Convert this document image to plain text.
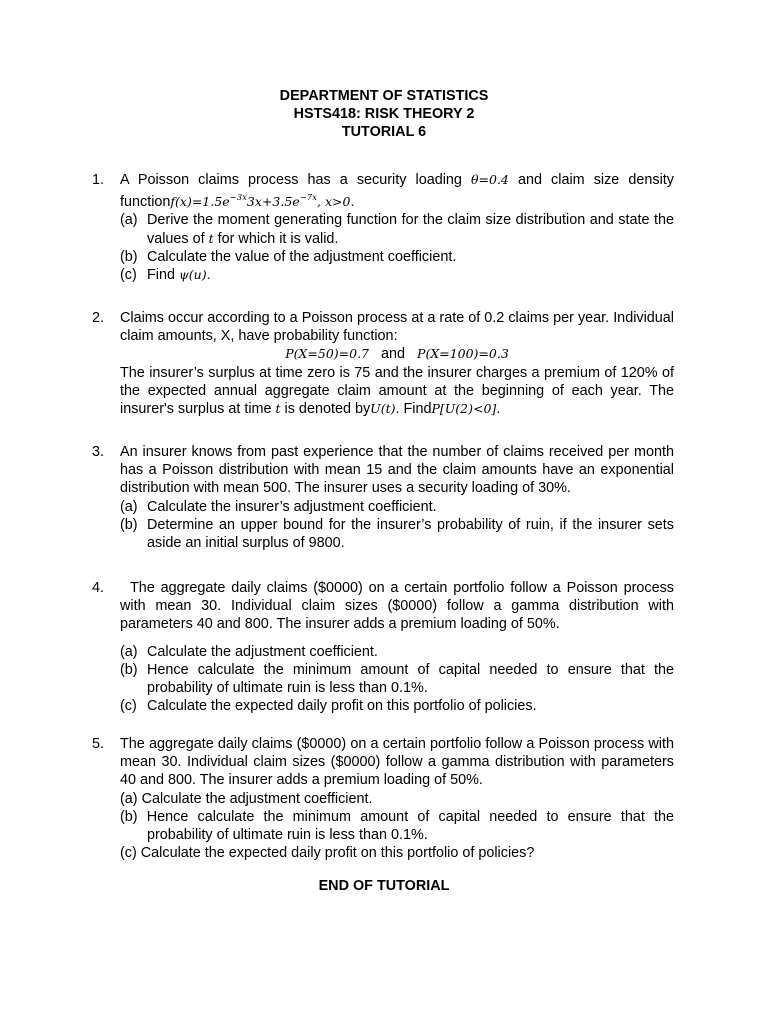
DEPARTMENT OF STATISTICS
HSTS418: RISK THEORY 2
TUTORIAL 6
1. A Poisson claims process has a security loading θ=0.4 and claim size density $functionf(x)=1.5e^{-3x}3x+3.5e^{-7x}$, x>0.
(a) Derive the moment generating function for the claim size distribution and state the values of t for which it is valid.
(b) Calculate the value of the adjustment coefficient.
(c) Find ψ(u).
2. Claims occur according to a Poisson process at a rate of 0.2 claims per year. Individual claim amounts, X, have probability function:
P(X=50)=0.7 and P(X=100)=0.3
The insurer’s surplus at time zero is 75 and the insurer charges a premium of 120% of the expected annual aggregate claim amount at the beginning of each year. The insurer's surplus at time t is denoted byU(t). FindP[U(2)<0].
3. An insurer knows from past experience that the number of claims received per month has a Poisson distribution with mean 15 and the claim amounts have an exponential distribution with mean 500. The insurer uses a security loading of 30%.
(a) Calculate the insurer’s adjustment coefficient.
(b) Determine an upper bound for the insurer’s probability of ruin, if the insurer sets aside an initial surplus of 9800.
4.	The aggregate daily claims ($0000) on a certain portfolio follow a Poisson process with mean 30. Individual claim sizes ($0000) follow a gamma distribution with parameters 40 and 800. The insurer adds a premium loading of 50%.
(a) Calculate the adjustment coefficient.
(b) Hence calculate the minimum amount of capital needed to ensure that the probability of ultimate ruin is less than 0.1%.
(c) Calculate the expected daily profit on this portfolio of policies.
5. The aggregate daily claims ($0000) on a certain portfolio follow a Poisson process with mean 30. Individual claim sizes ($0000) follow a gamma distribution with parameters 40 and 800. The insurer adds a premium loading of 50%.
(a) Calculate the adjustment coefficient.
(b) Hence calculate the minimum amount of capital needed to ensure that the probability of ultimate ruin is less than 0.1%.
(c) Calculate the expected daily profit on this portfolio of policies?
END OF TUTORIAL
